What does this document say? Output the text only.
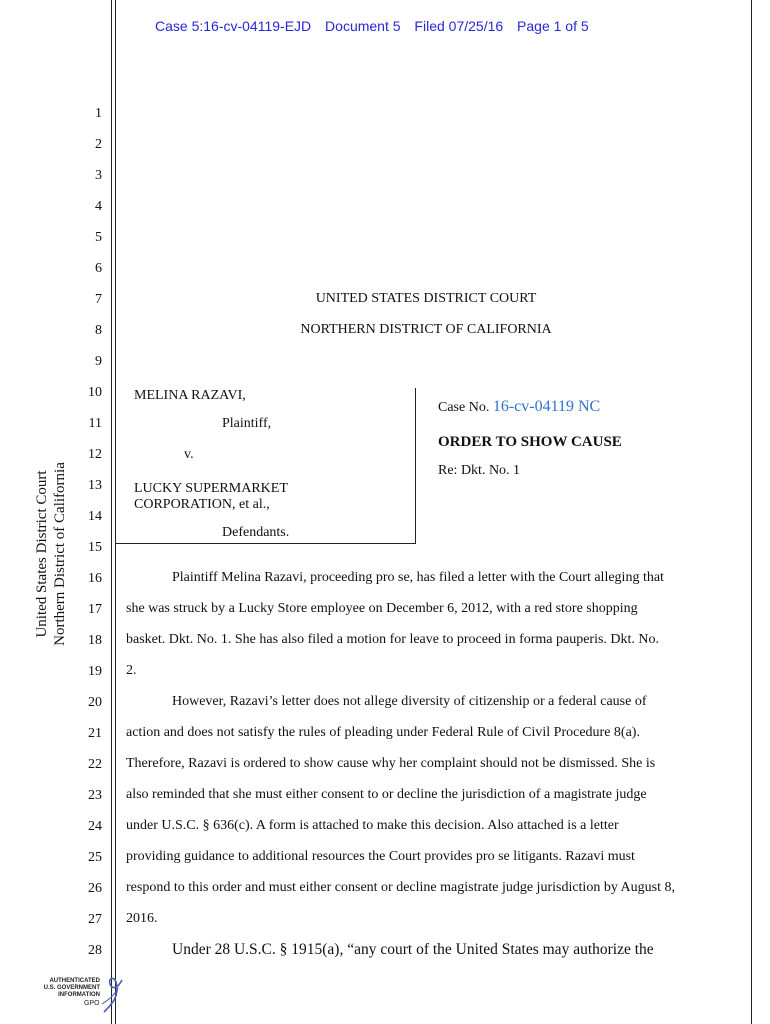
Case 5:16-cv-04119-EJD Document 5 Filed 07/25/16 Page 1 of 5
United States District Court Northern District of California
1
2
3
4
5
6
7
8
9
10
11
12
13
14
15
16
17
18
19
20
21
22
23
24
25
26
27
28
UNITED STATES DISTRICT COURT
NORTHERN DISTRICT OF CALIFORNIA
MELINA RAZAVI,
Plaintiff,
v.
LUCKY SUPERMARKET
CORPORATION, et al.,
Defendants.
Case No. 16-cv-04119 NC
ORDER TO SHOW CAUSE
Re: Dkt. No. 1
Plaintiff Melina Razavi, proceeding pro se, has filed a letter with the Court alleging that
she was struck by a Lucky Store employee on December 6, 2012, with a red store shopping
basket. Dkt. No. 1. She has also filed a motion for leave to proceed in forma pauperis. Dkt. No.
2.
However, Razavi’s letter does not allege diversity of citizenship or a federal cause of
action and does not satisfy the rules of pleading under Federal Rule of Civil Procedure 8(a).
Therefore, Razavi is ordered to show cause why her complaint should not be dismissed. She is
also reminded that she must either consent to or decline the jurisdiction of a magistrate judge
under U.S.C. § 636(c). A form is attached to make this decision. Also attached is a letter
providing guidance to additional resources the Court provides pro se litigants. Razavi must
respond to this order and must either consent or decline magistrate judge jurisdiction by August 8,
2016.
Under 28 U.S.C. § 1915(a), “any court of the United States may authorize the
AUTHENTICATED
U.S. GOVERNMENT
INFORMATION
GPO
